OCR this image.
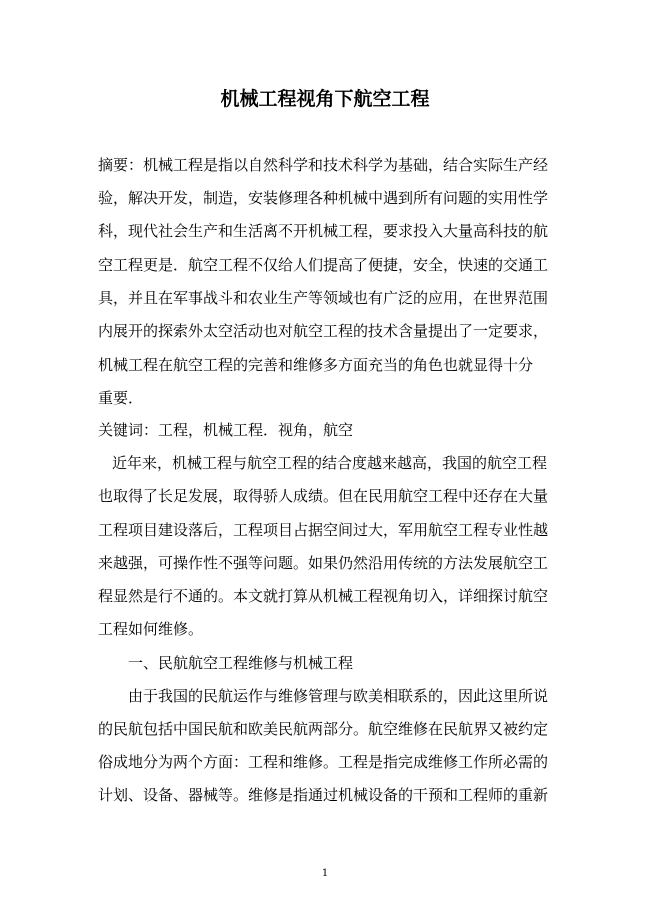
机械工程视角下航空工程
摘要：机械工程是指以自然科学和技术科学为基础，结合实际生产经
验，解决开发，制造，安装修理各种机械中遇到所有问题的实用性学
科，现代社会生产和生活离不开机械工程，要求投入大量高科技的航
空工程更是．航空工程不仅给人们提高了便捷，安全，快速的交通工
具，并且在军事战斗和农业生产等领域也有广泛的应用，在世界范围
内展开的探索外太空活动也对航空工程的技术含量提出了一定要求，
机械工程在航空工程的完善和维修多方面充当的角色也就显得十分
重要．
关键词：工程，机械工程．视角，航空
近年来，机械工程与航空工程的结合度越来越高，我国的航空工程
也取得了长足发展，取得骄人成绩。但在民用航空工程中还存在大量
工程项目建设落后，工程项目占据空间过大，军用航空工程专业性越
来越强，可操作性不强等问题。如果仍然沿用传统的方法发展航空工
程显然是行不通的。本文就打算从机械工程视角切入，详细探讨航空
工程如何维修。
一、民航航空工程维修与机械工程
由于我国的民航运作与维修管理与欧美相联系的，因此这里所说
的民航包括中国民航和欧美民航两部分。航空维修在民航界又被约定
俗成地分为两个方面：工程和维修。工程是指完成维修工作所必需的
计划、设备、器械等。维修是指通过机械设备的干预和工程师的重新
1
